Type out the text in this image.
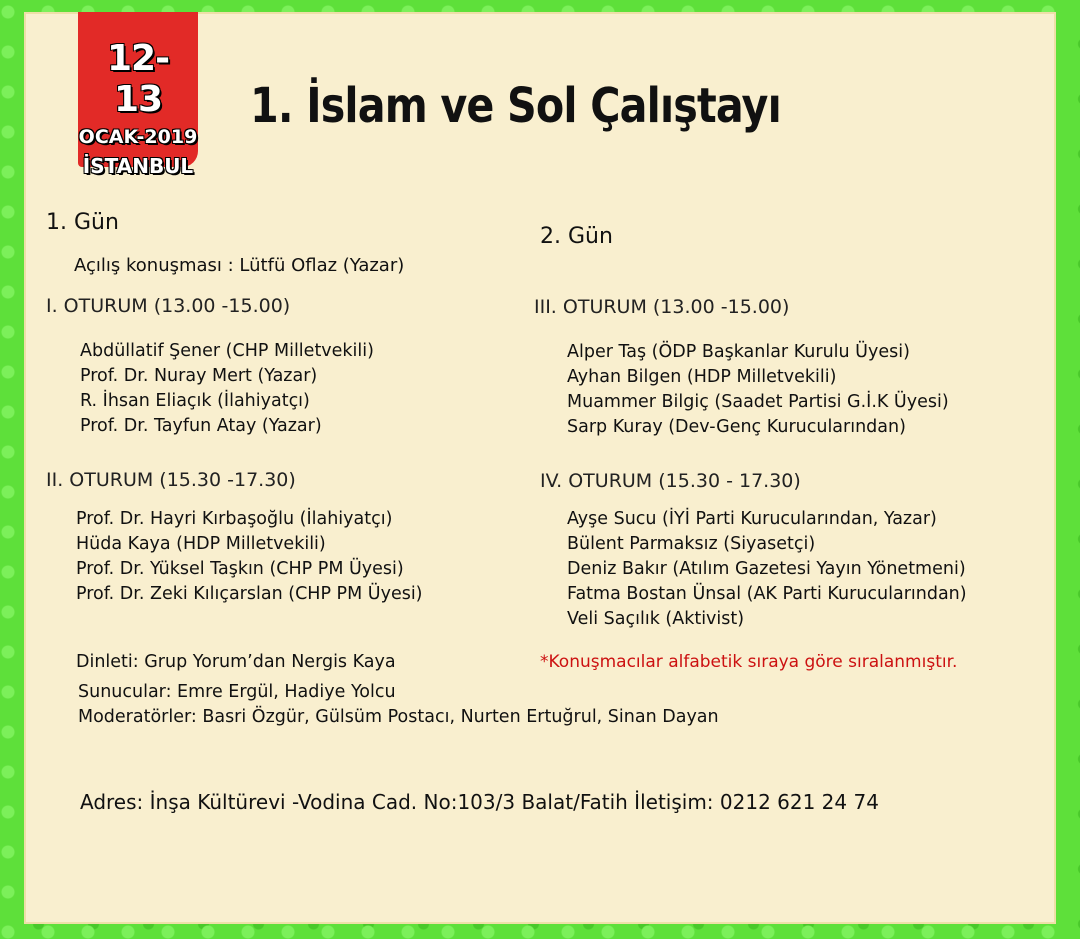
12- 13
OCAK-2019
İSTANBUL
1. İslam ve Sol Çalıştayı
1. Gün
Açılış konuşması : Lütfü Oflaz (Yazar)
I. OTURUM (13.00 -15.00)
Abdüllatif Şener (CHP Milletvekili)
Prof. Dr. Nuray Mert (Yazar)
R. İhsan Eliaçık (İlahiyatçı)
Prof. Dr. Tayfun Atay (Yazar)
II. OTURUM (15.30 -17.30)
Prof. Dr. Hayri Kırbaşoğlu (İlahiyatçı)
Hüda Kaya (HDP Milletvekili)
Prof. Dr. Yüksel Taşkın (CHP PM Üyesi)
Prof. Dr. Zeki Kılıçarslan (CHP PM Üyesi)
2. Gün
III. OTURUM (13.00 -15.00)
Alper Taş (ÖDP Başkanlar Kurulu Üyesi)
Ayhan Bilgen (HDP Milletvekili)
Muammer Bilgiç (Saadet Partisi G.İ.K Üyesi)
Sarp Kuray (Dev-Genç Kurucularından)
IV. OTURUM (15.30 - 17.30)
Ayşe Sucu (İYİ Parti Kurucularından, Yazar)
Bülent Parmaksız (Siyasetçi)
Deniz Bakır (Atılım Gazetesi Yayın Yönetmeni)
Fatma Bostan Ünsal (AK Parti Kurucularından)
Veli Saçılık (Aktivist)
Dinleti: Grup Yorum’dan Nergis Kaya	*Konuşmacılar alfabetik sıraya göre sıralanmıştır.
Sunucular: Emre Ergül, Hadiye Yolcu
Moderatörler: Basri Özgür, Gülsüm Postacı, Nurten Ertuğrul, Sinan Dayan
Adres: İnşa Kültürevi -Vodina Cad. No:103/3 Balat/Fatih İletişim: 0212 621 24 74
